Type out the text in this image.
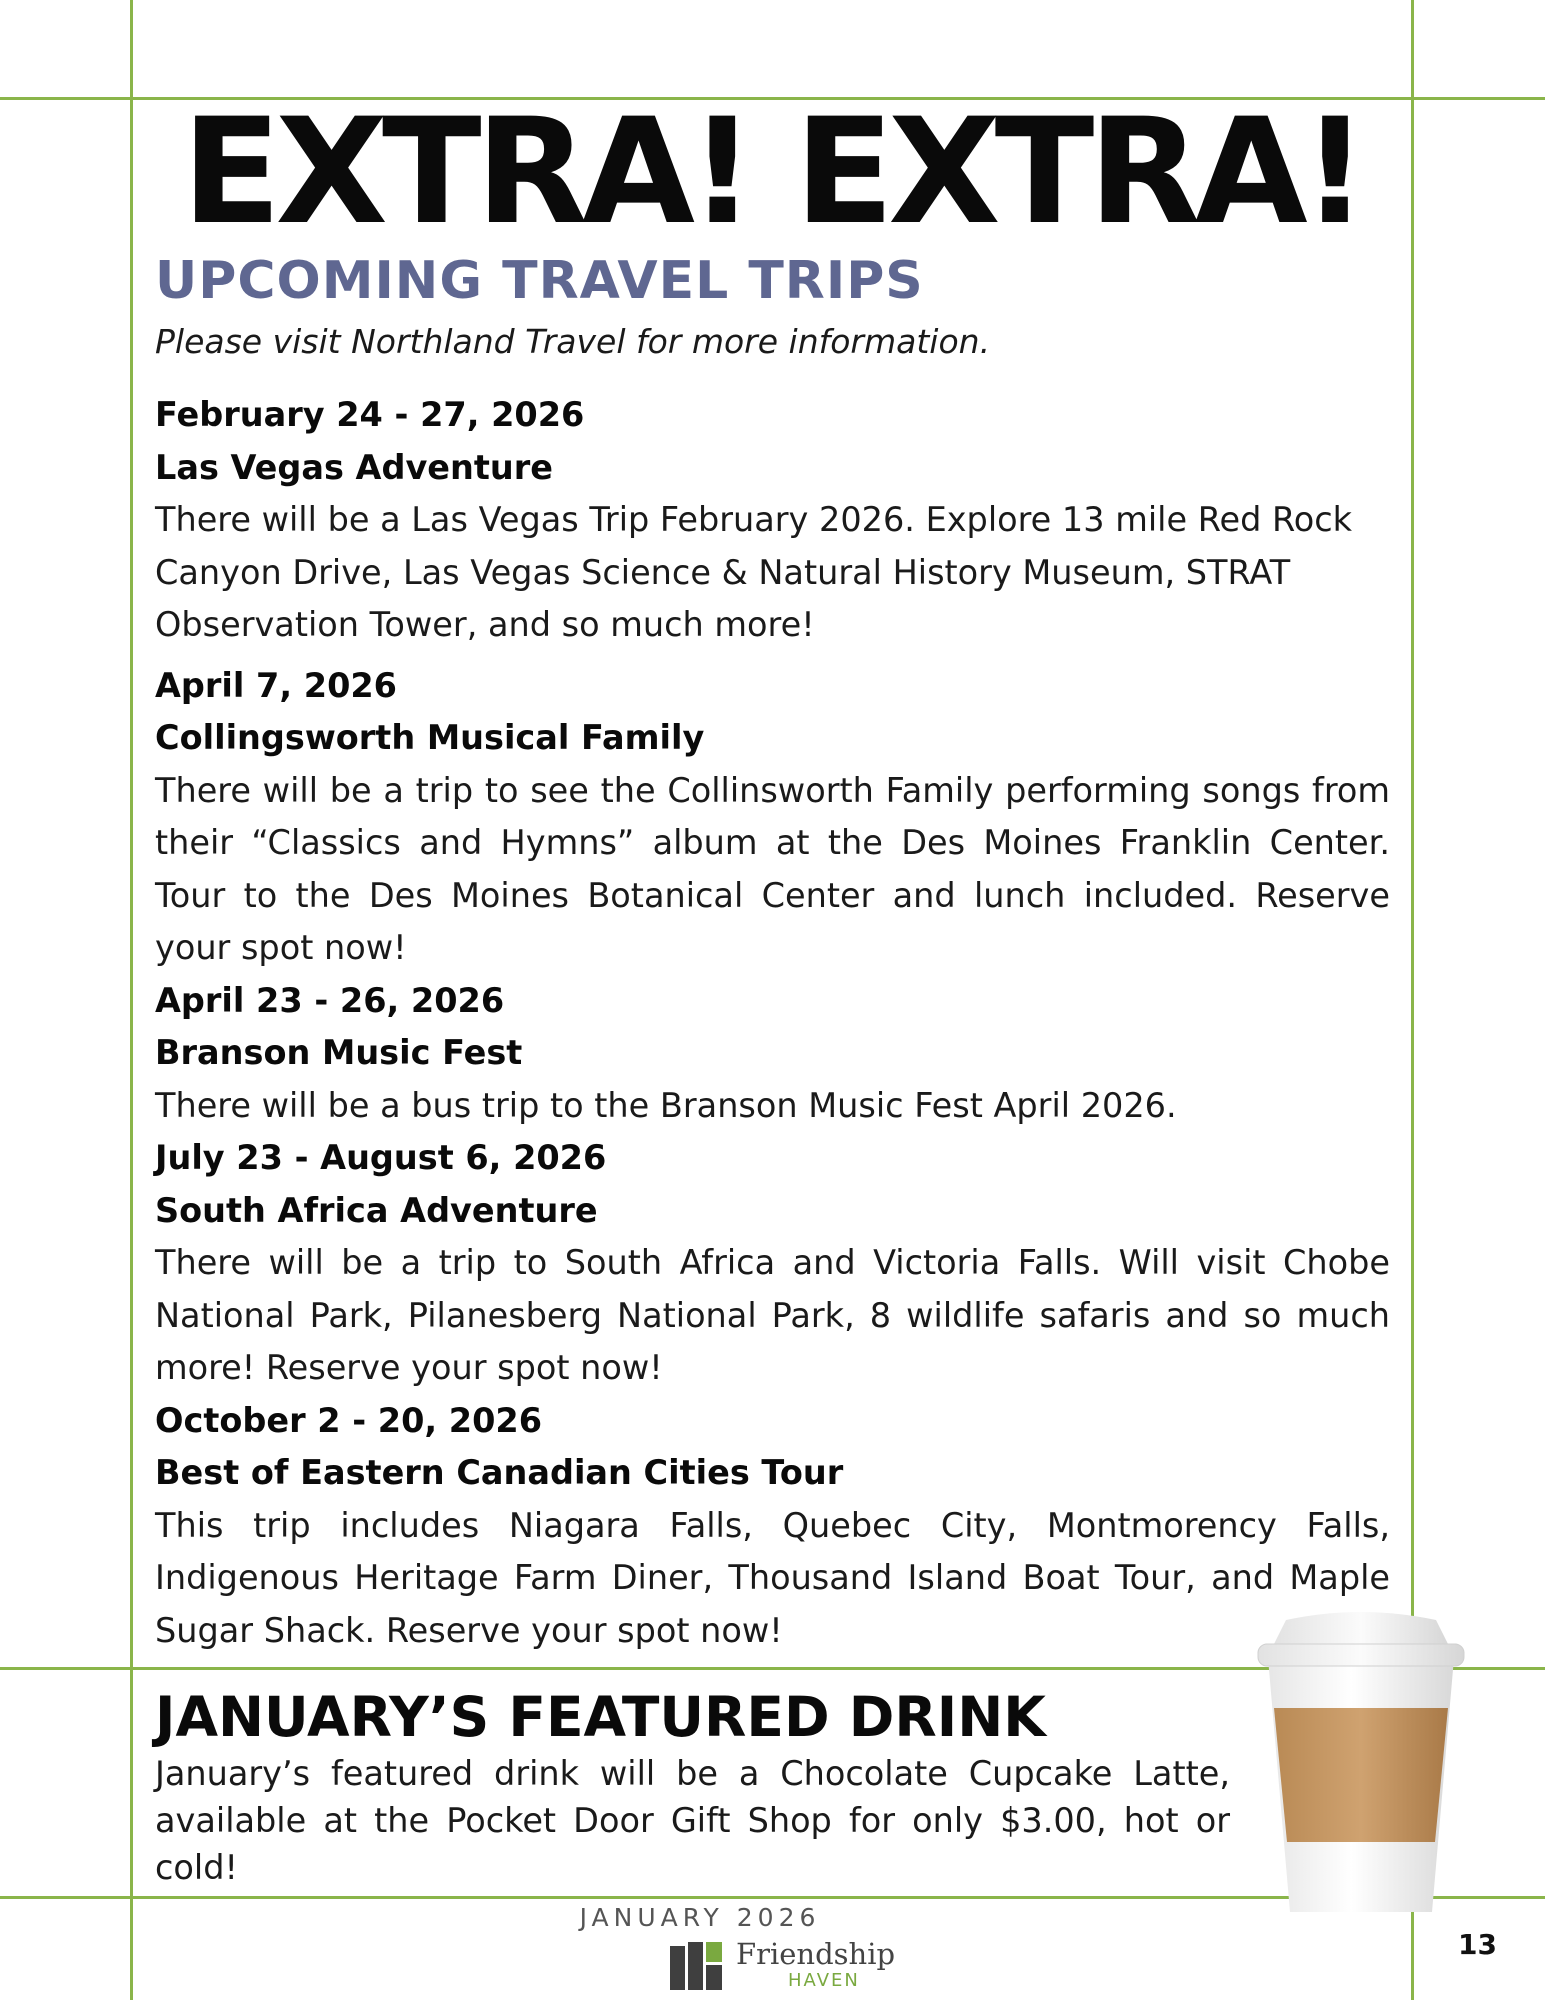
EXTRA! EXTRA!
UPCOMING TRAVEL TRIPS
Please visit Northland Travel for more information.
February 24 - 27, 2026
Las Vegas Adventure
There will be a Las Vegas Trip February 2026. Explore 13 mile Red Rock Canyon Drive, Las Vegas Science & Natural History Museum, STRAT Observation Tower, and so much more!
April 7, 2026
Collingsworth Musical Family
There will be a trip to see the Collinsworth Family performing songs from their “Classics and Hymns” album at the Des Moines Franklin Center. Tour to the Des Moines Botanical Center and lunch included. Reserve your spot now!
April 23 - 26, 2026
Branson Music Fest
There will be a bus trip to the Branson Music Fest April 2026.
July 23 - August 6, 2026
South Africa Adventure
There will be a trip to South Africa and Victoria Falls. Will visit Chobe National Park, Pilanesberg National Park, 8 wildlife safaris and so much more! Reserve your spot now!
October 2 - 20, 2026
Best of Eastern Canadian Cities Tour
This trip includes Niagara Falls, Quebec City, Montmorency Falls, Indigenous Heritage Farm Diner, Thousand Island Boat Tour, and Maple Sugar Shack. Reserve your spot now!
JANUARY’S FEATURED DRINK
January’s featured drink will be a Chocolate Cupcake Latte, available at the Pocket Door Gift Shop for only $3.00, hot or cold!
JANUARY 2026
Friendship
HAVEN
13
